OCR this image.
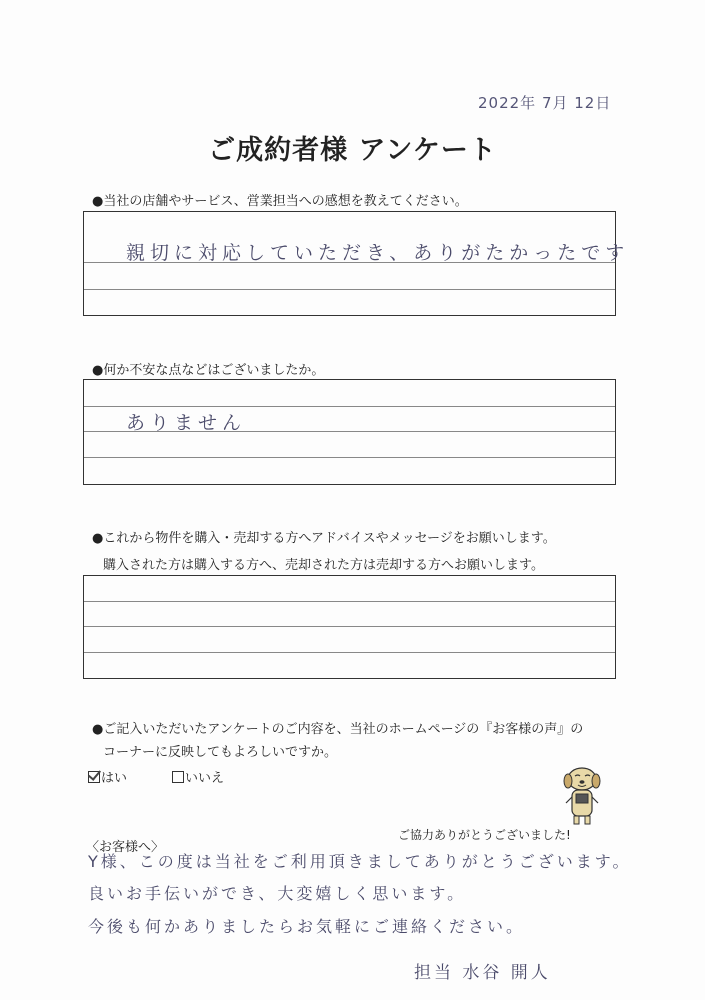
2022年 7月 12日
ご成約者様 アンケート
●当社の店舗やサービス、営業担当への感想を教えてください。
親切に対応していただき、ありがたかったです
●何か不安な点などはございましたか。
ありません
●これから物件を購入・売却する方へアドバイスやメッセージをお願いします。
購入された方は購入する方へ、売却された方は売却する方へお願いします。
●ご記入いただいたアンケートのご内容を、当社のホームページの『お客様の声』の
コーナーに反映してもよろしいですか。
はい	いいえ
ご協力ありがとうございました!
〈お客様へ〉
Y様、この度は当社をご利用頂きましてありがとうございます。
良いお手伝いができ、大変嬉しく思います。
今後も何かありましたらお気軽にご連絡ください。
担当 水谷 開人
